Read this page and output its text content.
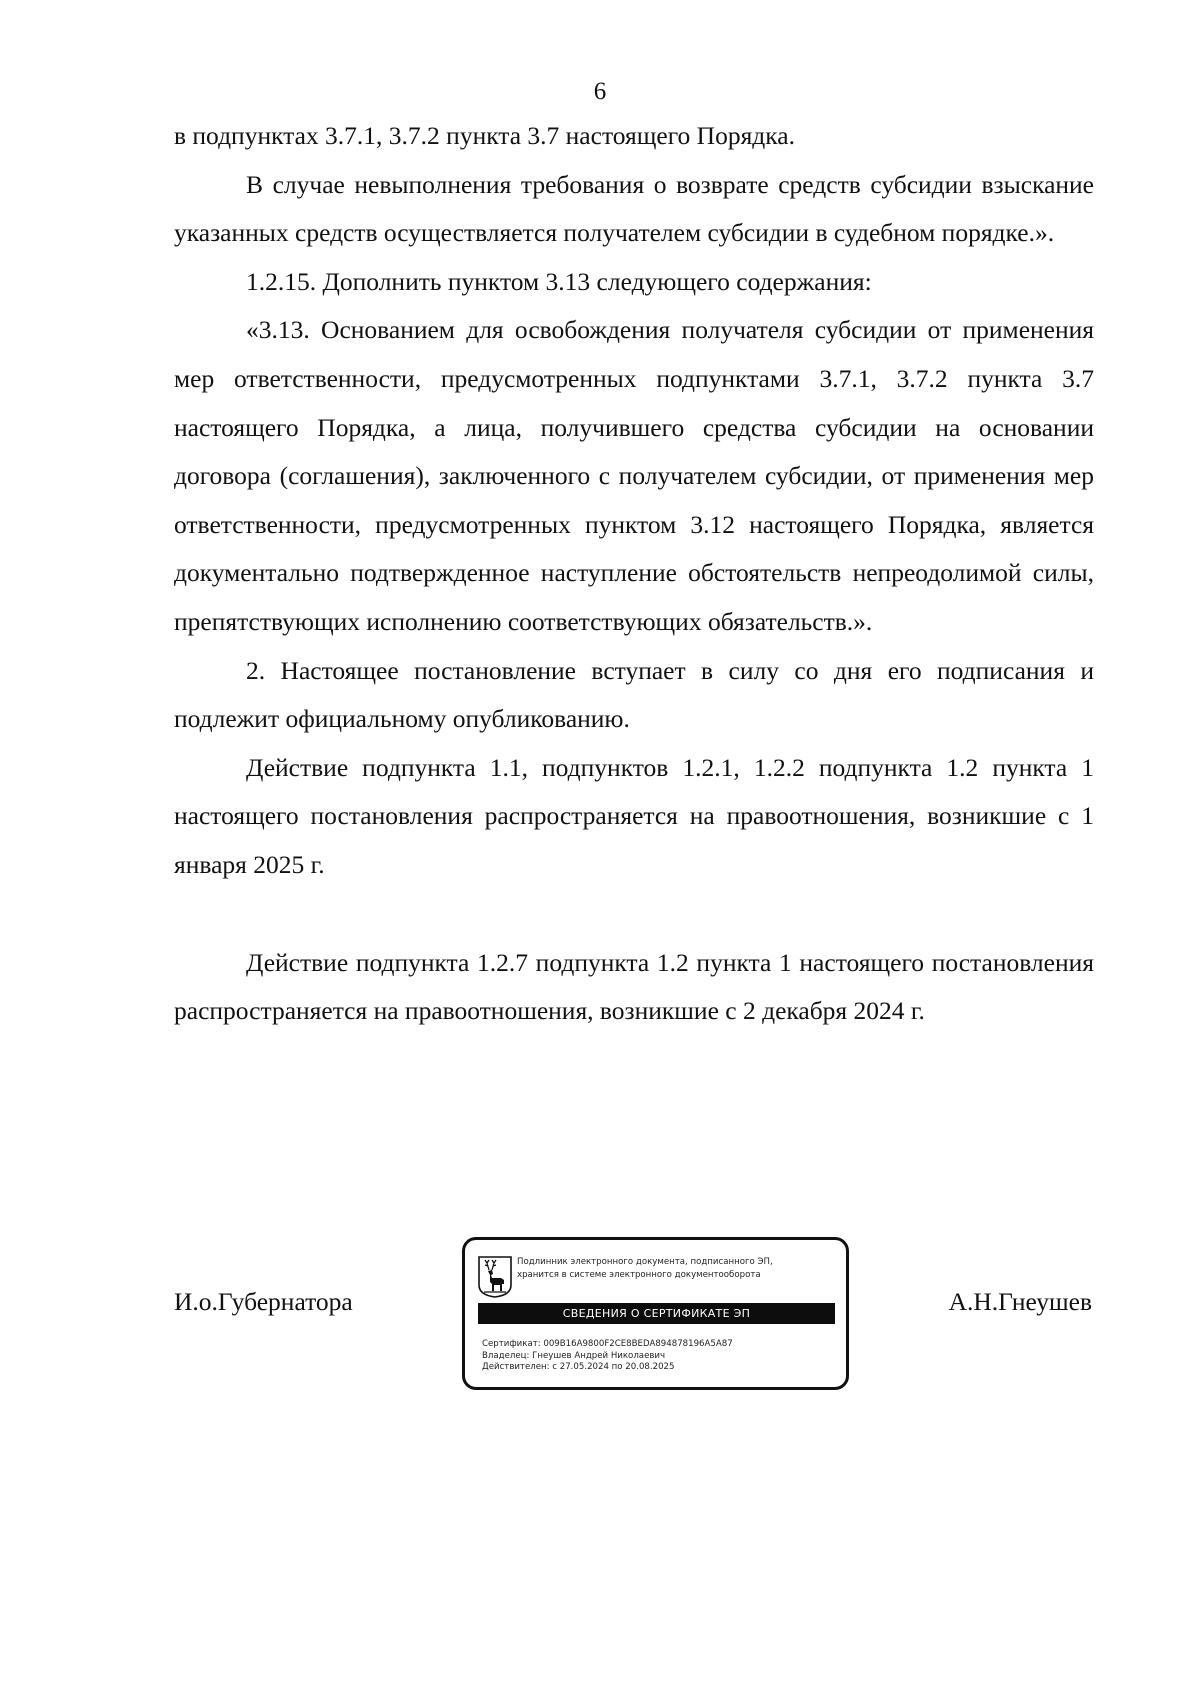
6

в подпунктах 3.7.1, 3.7.2 пункта 3.7 настоящего Порядка.

В случае невыполнения требования о возврате средств субсидии взыскание указанных средств осуществляется получателем субсидии в судебном порядке.».

1.2.15. Дополнить пунктом 3.13 следующего содержания:

«3.13. Основанием для освобождения получателя субсидии от применения мер ответственности, предусмотренных подпунктами 3.7.1, 3.7.2 пункта 3.7 настоящего Порядка, а лица, получившего средства субсидии на основании договора (соглашения), заключенного с получателем субсидии, от применения мер ответственности, предусмотренных пунктом 3.12 настоящего Порядка, является документально подтвержденное наступление обстоятельств непреодолимой силы, препятствующих исполнению соответствующих обязательств.».

2. Настоящее постановление вступает в силу со дня его подписания и подлежит официальному опубликованию.

Действие подпункта 1.1, подпунктов 1.2.1, 1.2.2 подпункта 1.2 пункта 1 настоящего постановления распространяется на правоотношения, возникшие с 1 января 2025 г.

Действие подпункта 1.2.7 подпункта 1.2 пункта 1 настоящего постановления распространяется на правоотношения, возникшие с 2 декабря 2024 г.

И.о.Губернатора	А.Н.Гнеушев
Подлинник электронного документа, подписанного ЭП,
хранится в системе электронного документооборота
СВЕДЕНИЯ О СЕРТИФИКАТЕ ЭП
Сертификат: 009B16A9800F2CE8BEDA894878196A5A87
Владелец: Гнеушев Андрей Николаевич
Действителен: с 27.05.2024 по 20.08.2025
